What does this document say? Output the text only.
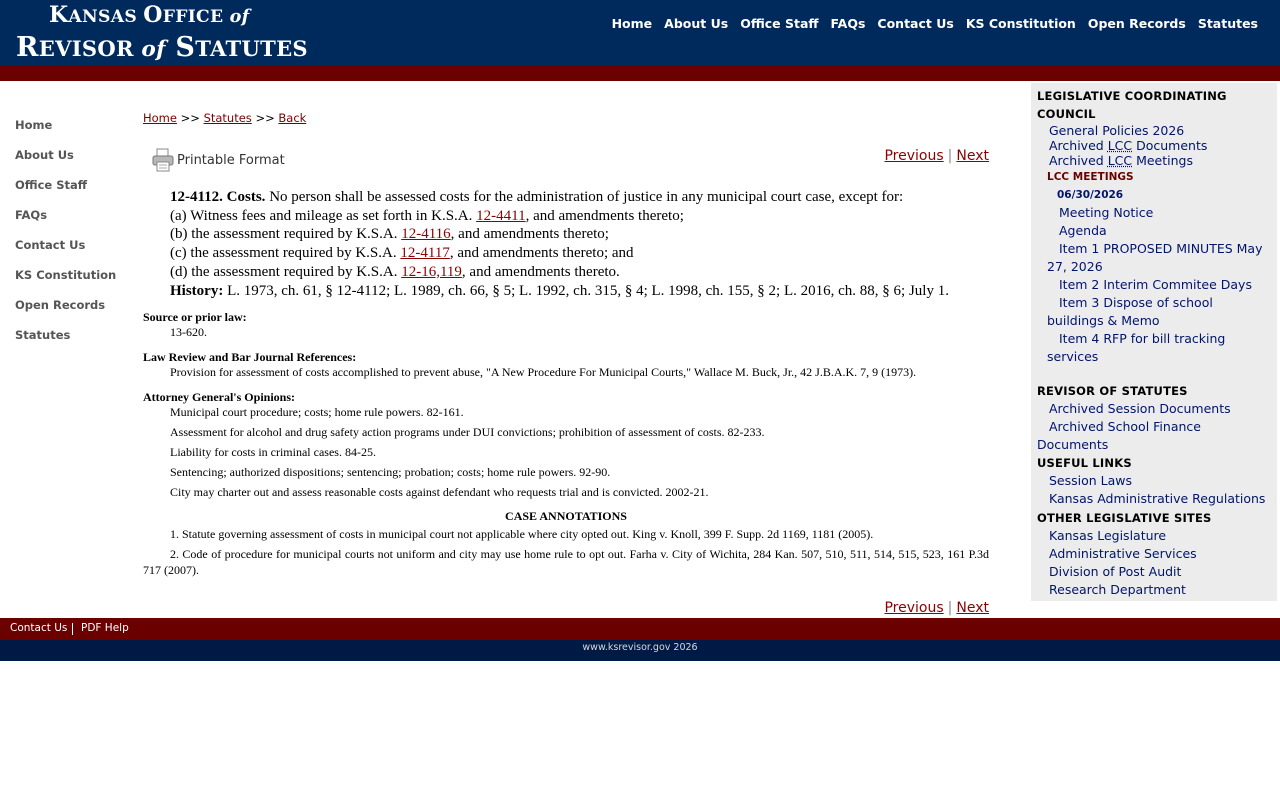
KANSAS OFFICE of
REVISOR of STATUTES
Home About Us Office Staff FAQs Contact Us KS Constitution Open Records Statutes
Home
About Us
Office Staff
FAQs
Contact Us
KS Constitution
Open Records
Statutes
Home >> Statutes >> Back
Printable Format	Previous | Next
12-4112. Costs. No person shall be assessed costs for the administration of justice in any municipal court case, except for:
(a) Witness fees and mileage as set forth in K.S.A. 12-4411, and amendments thereto;
(b) the assessment required by K.S.A. 12-4116, and amendments thereto;
(c) the assessment required by K.S.A. 12-4117, and amendments thereto; and
(d) the assessment required by K.S.A. 12-16,119, and amendments thereto.
History: L. 1973, ch. 61, § 12-4112; L. 1989, ch. 66, § 5; L. 1992, ch. 315, § 4; L. 1998, ch. 155, § 2; L. 2016, ch. 88, § 6; July 1.
Source or prior law:
13-620.
Law Review and Bar Journal References:
Provision for assessment of costs accomplished to prevent abuse, "A New Procedure For Municipal Courts," Wallace M. Buck, Jr., 42 J.B.A.K. 7, 9 (1973).
Attorney General's Opinions:
Municipal court procedure; costs; home rule powers. 82-161.
Assessment for alcohol and drug safety action programs under DUI convictions; prohibition of assessment of costs. 82-233.
Liability for costs in criminal cases. 84-25.
Sentencing; authorized dispositions; sentencing; probation; costs; home rule powers. 92-90.
City may charter out and assess reasonable costs against defendant who requests trial and is convicted. 2002-21.
CASE ANNOTATIONS
1. Statute governing assessment of costs in municipal court not applicable where city opted out. King v. Knoll, 399 F. Supp. 2d 1169, 1181 (2005).
2. Code of procedure for municipal courts not uniform and city may use home rule to opt out. Farha v. City of Wichita, 284 Kan. 507, 510, 511, 514, 515, 523, 161 P.3d 717 (2007).
Previous | Next
LEGISLATIVE COORDINATING
COUNCIL
General Policies 2026
Archived LCC Documents
Archived LCC Meetings
LCC MEETINGS
06/30/2026
Meeting Notice
Agenda
Item 1 PROPOSED MINUTES May 27, 2026
Item 2 Interim Commitee Days
Item 3 Dispose of school buildings & Memo
Item 4 RFP for bill tracking services
REVISOR OF STATUTES
Archived Session Documents
Archived School Finance Documents
USEFUL LINKS
Session Laws
Kansas Administrative Regulations
OTHER LEGISLATIVE SITES
Kansas Legislature
Administrative Services
Division of Post Audit
Research Department
Contact Us PDF Help
www.ksrevisor.gov 2026
